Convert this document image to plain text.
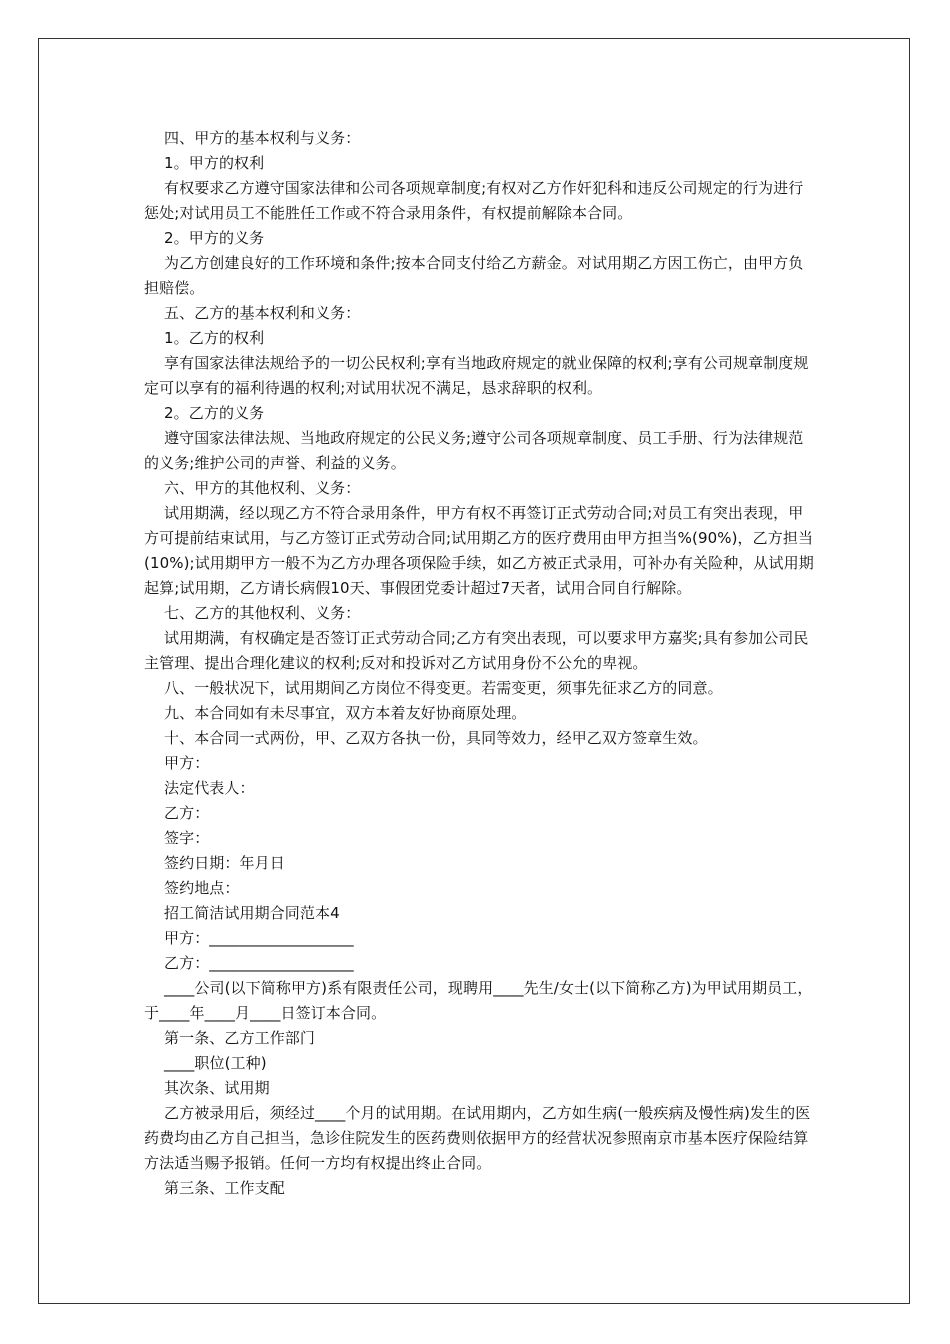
四、甲方的基本权利与义务：

1。甲方的权利

有权要求乙方遵守国家法律和公司各项规章制度;有权对乙方作奸犯科和违反公司规定的行为进行惩处;对试用员工不能胜任工作或不符合录用条件，有权提前解除本合同。

2。甲方的义务

为乙方创建良好的工作环境和条件;按本合同支付给乙方薪金。对试用期乙方因工伤亡，由甲方负担赔偿。

五、乙方的基本权利和义务：

1。乙方的权利

享有国家法律法规给予的一切公民权利;享有当地政府规定的就业保障的权利;享有公司规章制度规定可以享有的福利待遇的权利;对试用状况不满足，恳求辞职的权利。

2。乙方的义务

遵守国家法律法规、当地政府规定的公民义务;遵守公司各项规章制度、员工手册、行为法律规范的义务;维护公司的声誉、利益的义务。

六、甲方的其他权利、义务：

试用期满，经以现乙方不符合录用条件，甲方有权不再签订正式劳动合同;对员工有突出表现，甲方可提前结束试用，与乙方签订正式劳动合同;试用期乙方的医疗费用由甲方担当%(90%)，乙方担当(10%);试用期甲方一般不为乙方办理各项保险手续，如乙方被正式录用，可补办有关险种，从试用期起算;试用期，乙方请长病假10天、事假团党委计超过7天者，试用合同自行解除。

七、乙方的其他权利、义务：

试用期满，有权确定是否签订正式劳动合同;乙方有突出表现，可以要求甲方嘉奖;具有参加公司民主管理、提出合理化建议的权利;反对和投诉对乙方试用身份不公允的卑视。

八、一般状况下，试用期间乙方岗位不得变更。若需变更，须事先征求乙方的同意。

九、本合同如有未尽事宜，双方本着友好协商原处理。

十、本合同一式两份，甲、乙双方各执一份，具同等效力，经甲乙双方签章生效。

甲方：

法定代表人：

乙方：

签字：

签约日期：年月日

签约地点：

招工简洁试用期合同范本4

甲方：___________________

乙方：___________________

____公司(以下简称甲方)系有限责任公司，现聘用____先生/女士(以下简称乙方)为甲试用期员工，于____年____月____日签订本合同。

第一条、乙方工作部门

____职位(工种)

其次条、试用期

乙方被录用后，须经过____个月的试用期。在试用期内，乙方如生病(一般疾病及慢性病)发生的医药费均由乙方自己担当，急诊住院发生的医药费则依据甲方的经营状况参照南京市基本医疗保险结算方法适当赐予报销。任何一方均有权提出终止合同。

第三条、工作支配
